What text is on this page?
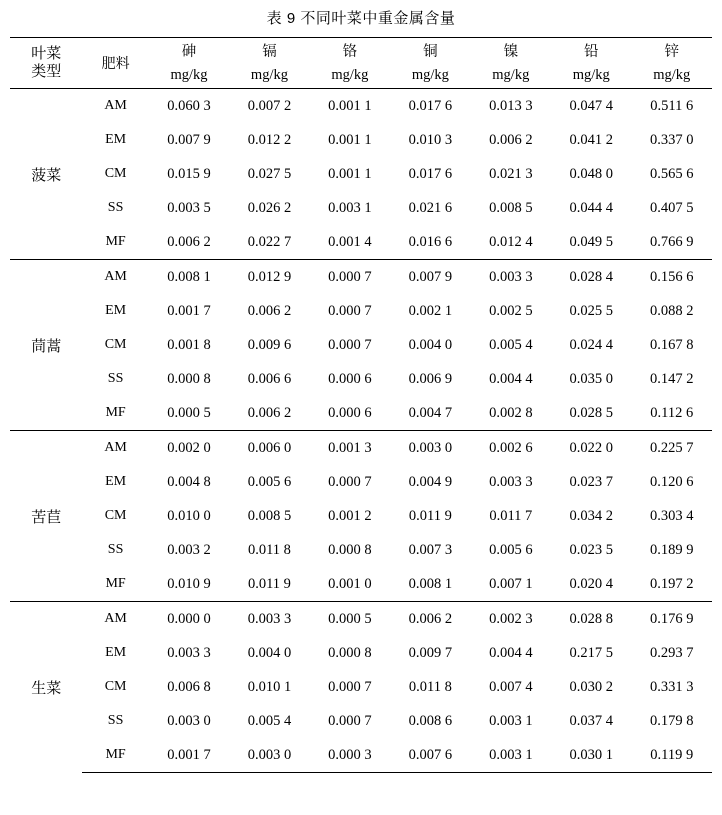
表 9 不同叶菜中重金属含量
叶菜
类型	肥料	砷	镉	铬	铜	镍	铅	锌
		mg/kg	mg/kg	mg/kg	mg/kg	mg/kg	mg/kg	mg/kg
菠菜	AM	0.060 3	0.007 2	0.001 1	0.017 6	0.013 3	0.047 4	0.511 6
	EM	0.007 9	0.012 2	0.001 1	0.010 3	0.006 2	0.041 2	0.337 0
	CM	0.015 9	0.027 5	0.001 1	0.017 6	0.021 3	0.048 0	0.565 6
	SS	0.003 5	0.026 2	0.003 1	0.021 6	0.008 5	0.044 4	0.407 5
	MF	0.006 2	0.022 7	0.001 4	0.016 6	0.012 4	0.049 5	0.766 9
茼蒿	AM	0.008 1	0.012 9	0.000 7	0.007 9	0.003 3	0.028 4	0.156 6
	EM	0.001 7	0.006 2	0.000 7	0.002 1	0.002 5	0.025 5	0.088 2
	CM	0.001 8	0.009 6	0.000 7	0.004 0	0.005 4	0.024 4	0.167 8
	SS	0.000 8	0.006 6	0.000 6	0.006 9	0.004 4	0.035 0	0.147 2
	MF	0.000 5	0.006 2	0.000 6	0.004 7	0.002 8	0.028 5	0.112 6
苦苣	AM	0.002 0	0.006 0	0.001 3	0.003 0	0.002 6	0.022 0	0.225 7
	EM	0.004 8	0.005 6	0.000 7	0.004 9	0.003 3	0.023 7	0.120 6
	CM	0.010 0	0.008 5	0.001 2	0.011 9	0.011 7	0.034 2	0.303 4
	SS	0.003 2	0.011 8	0.000 8	0.007 3	0.005 6	0.023 5	0.189 9
	MF	0.010 9	0.011 9	0.001 0	0.008 1	0.007 1	0.020 4	0.197 2
生菜	AM	0.000 0	0.003 3	0.000 5	0.006 2	0.002 3	0.028 8	0.176 9
	EM	0.003 3	0.004 0	0.000 8	0.009 7	0.004 4	0.217 5	0.293 7
	CM	0.006 8	0.010 1	0.000 7	0.011 8	0.007 4	0.030 2	0.331 3
	SS	0.003 0	0.005 4	0.000 7	0.008 6	0.003 1	0.037 4	0.179 8
	MF	0.001 7	0.003 0	0.000 3	0.007 6	0.003 1	0.030 1	0.119 9
